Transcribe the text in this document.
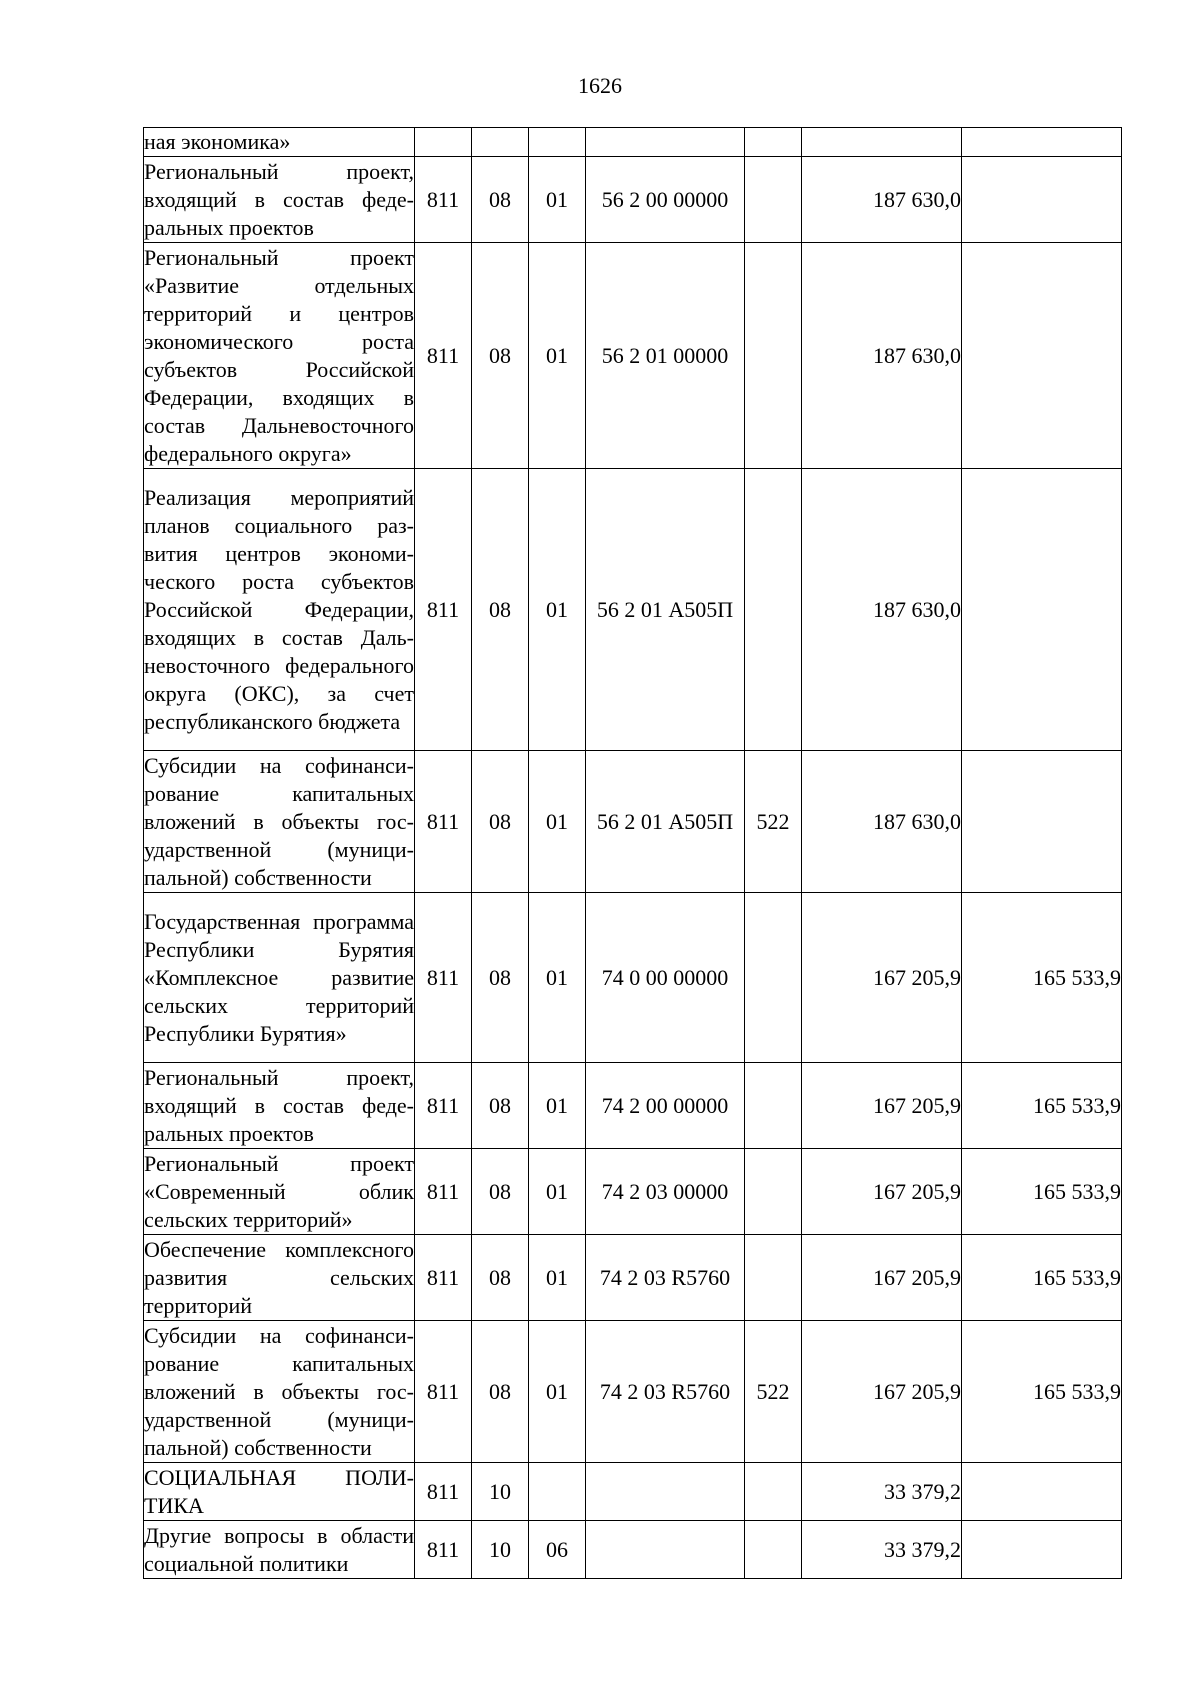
1626
ная экономика»							
Региональный проект, входящий в состав федеральных проектов	811	08	01	56 2 00 00000		187 630,0	
Региональный проект «Развитие отдельных территорий и центров экономического роста субъектов Российской Федерации, входящих в состав Дальневосточного федерального округа»	811	08	01	56 2 01 00000		187 630,0	
Реализация мероприятий планов социального развития центров экономического роста субъектов Российской Федерации, входящих в состав Дальневосточного федерального округа (ОКС), за счет республиканского бюджета	811	08	01	56 2 01 А505П		187 630,0	
Субсидии на софинансирование капитальных вложений в объекты государственной (муниципальной) собственности	811	08	01	56 2 01 А505П	522	187 630,0	
Государственная программа Республики Бурятия «Комплексное развитие сельских территорий Республики Бурятия»	811	08	01	74 0 00 00000		167 205,9	165 533,9
Региональный проект, входящий в состав федеральных проектов	811	08	01	74 2 00 00000		167 205,9	165 533,9
Региональный проект «Современный облик сельских территорий»	811	08	01	74 2 03 00000		167 205,9	165 533,9
Обеспечение комплексного развития сельских территорий	811	08	01	74 2 03 R5760		167 205,9	165 533,9
Субсидии на софинансирование капитальных вложений в объекты государственной (муниципальной) собственности	811	08	01	74 2 03 R5760	522	167 205,9	165 533,9
СОЦИАЛЬНАЯ ПОЛИТИКА	811	10				33 379,2	
Другие вопросы в области социальной политики	811	10	06			33 379,2	
